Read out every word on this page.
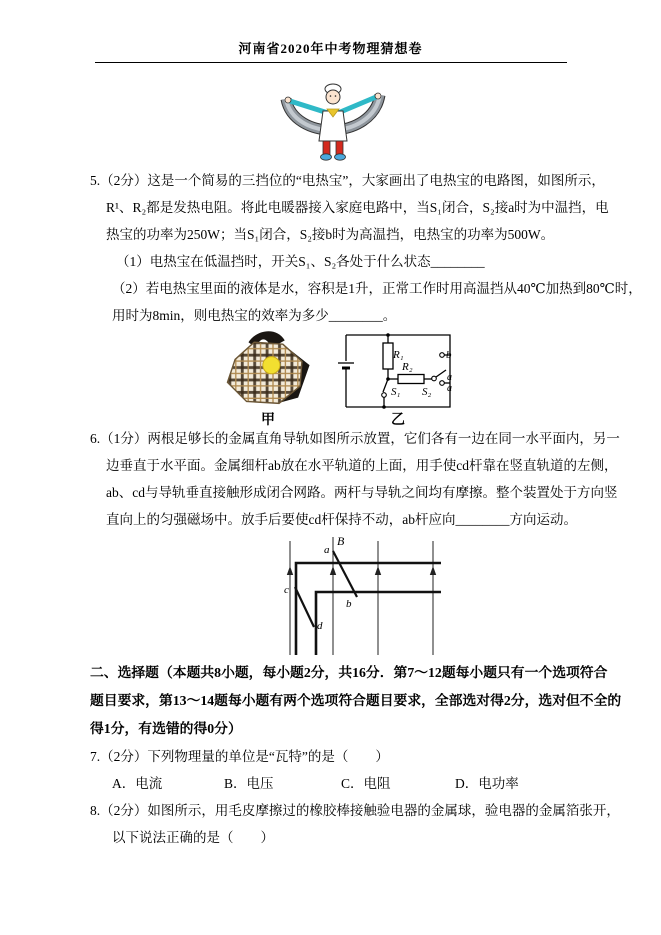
河南省2020年中考物理猜想卷
5.（2分）这是一个简易的三挡位的“电热宝”，大家画出了电热宝的电路图，如图所示，
R¹、R₂都是发热电阻。将此电暖器接入家庭电路中，当S₁闭合，S₂接a时为中温挡，电
热宝的功率为250W；当S₁闭合，S₂接b时为高温挡，电热宝的功率为500W。
（1）电热宝在低温挡时，开关S₁、S₂各处于什么状态________
（2）若电热宝里面的液体是水，容积是1升，正常工作时用高温挡从40℃加热到80℃时，
用时为8min，则电热宝的效率为多少________。
R₁
R₂
S₁ S₂
b
a
a
甲	乙
6.（1分）两根足够长的金属直角导轨如图所示放置，它们各有一边在同一水平面内，另一
边垂直于水平面。金属细杆ab放在水平轨道的上面，用手使cd杆靠在竖直轨道的左侧，
ab、cd与导轨垂直接触形成闭合网路。两杆与导轨之间均有摩擦。整个装置处于方向竖
直向上的匀强磁场中。放手后要使cd杆保持不动，ab杆应向________方向运动。
B
a
b
c
d
二、选择题（本题共8小题，每小题2分，共16分．第7～12题每小题只有一个选项符合
题目要求，第13～14题每小题有两个选项符合题目要求，全部选对得2分，选对但不全的
得1分，有选错的得0分）
7.（2分）下列物理量的单位是“瓦特”的是（　　）
A．电流	B．电压	C．电阻	D．电功率
8.（2分）如图所示，用毛皮摩擦过的橡胶棒接触验电器的金属球，验电器的金属箔张开，
以下说法正确的是（　　）
